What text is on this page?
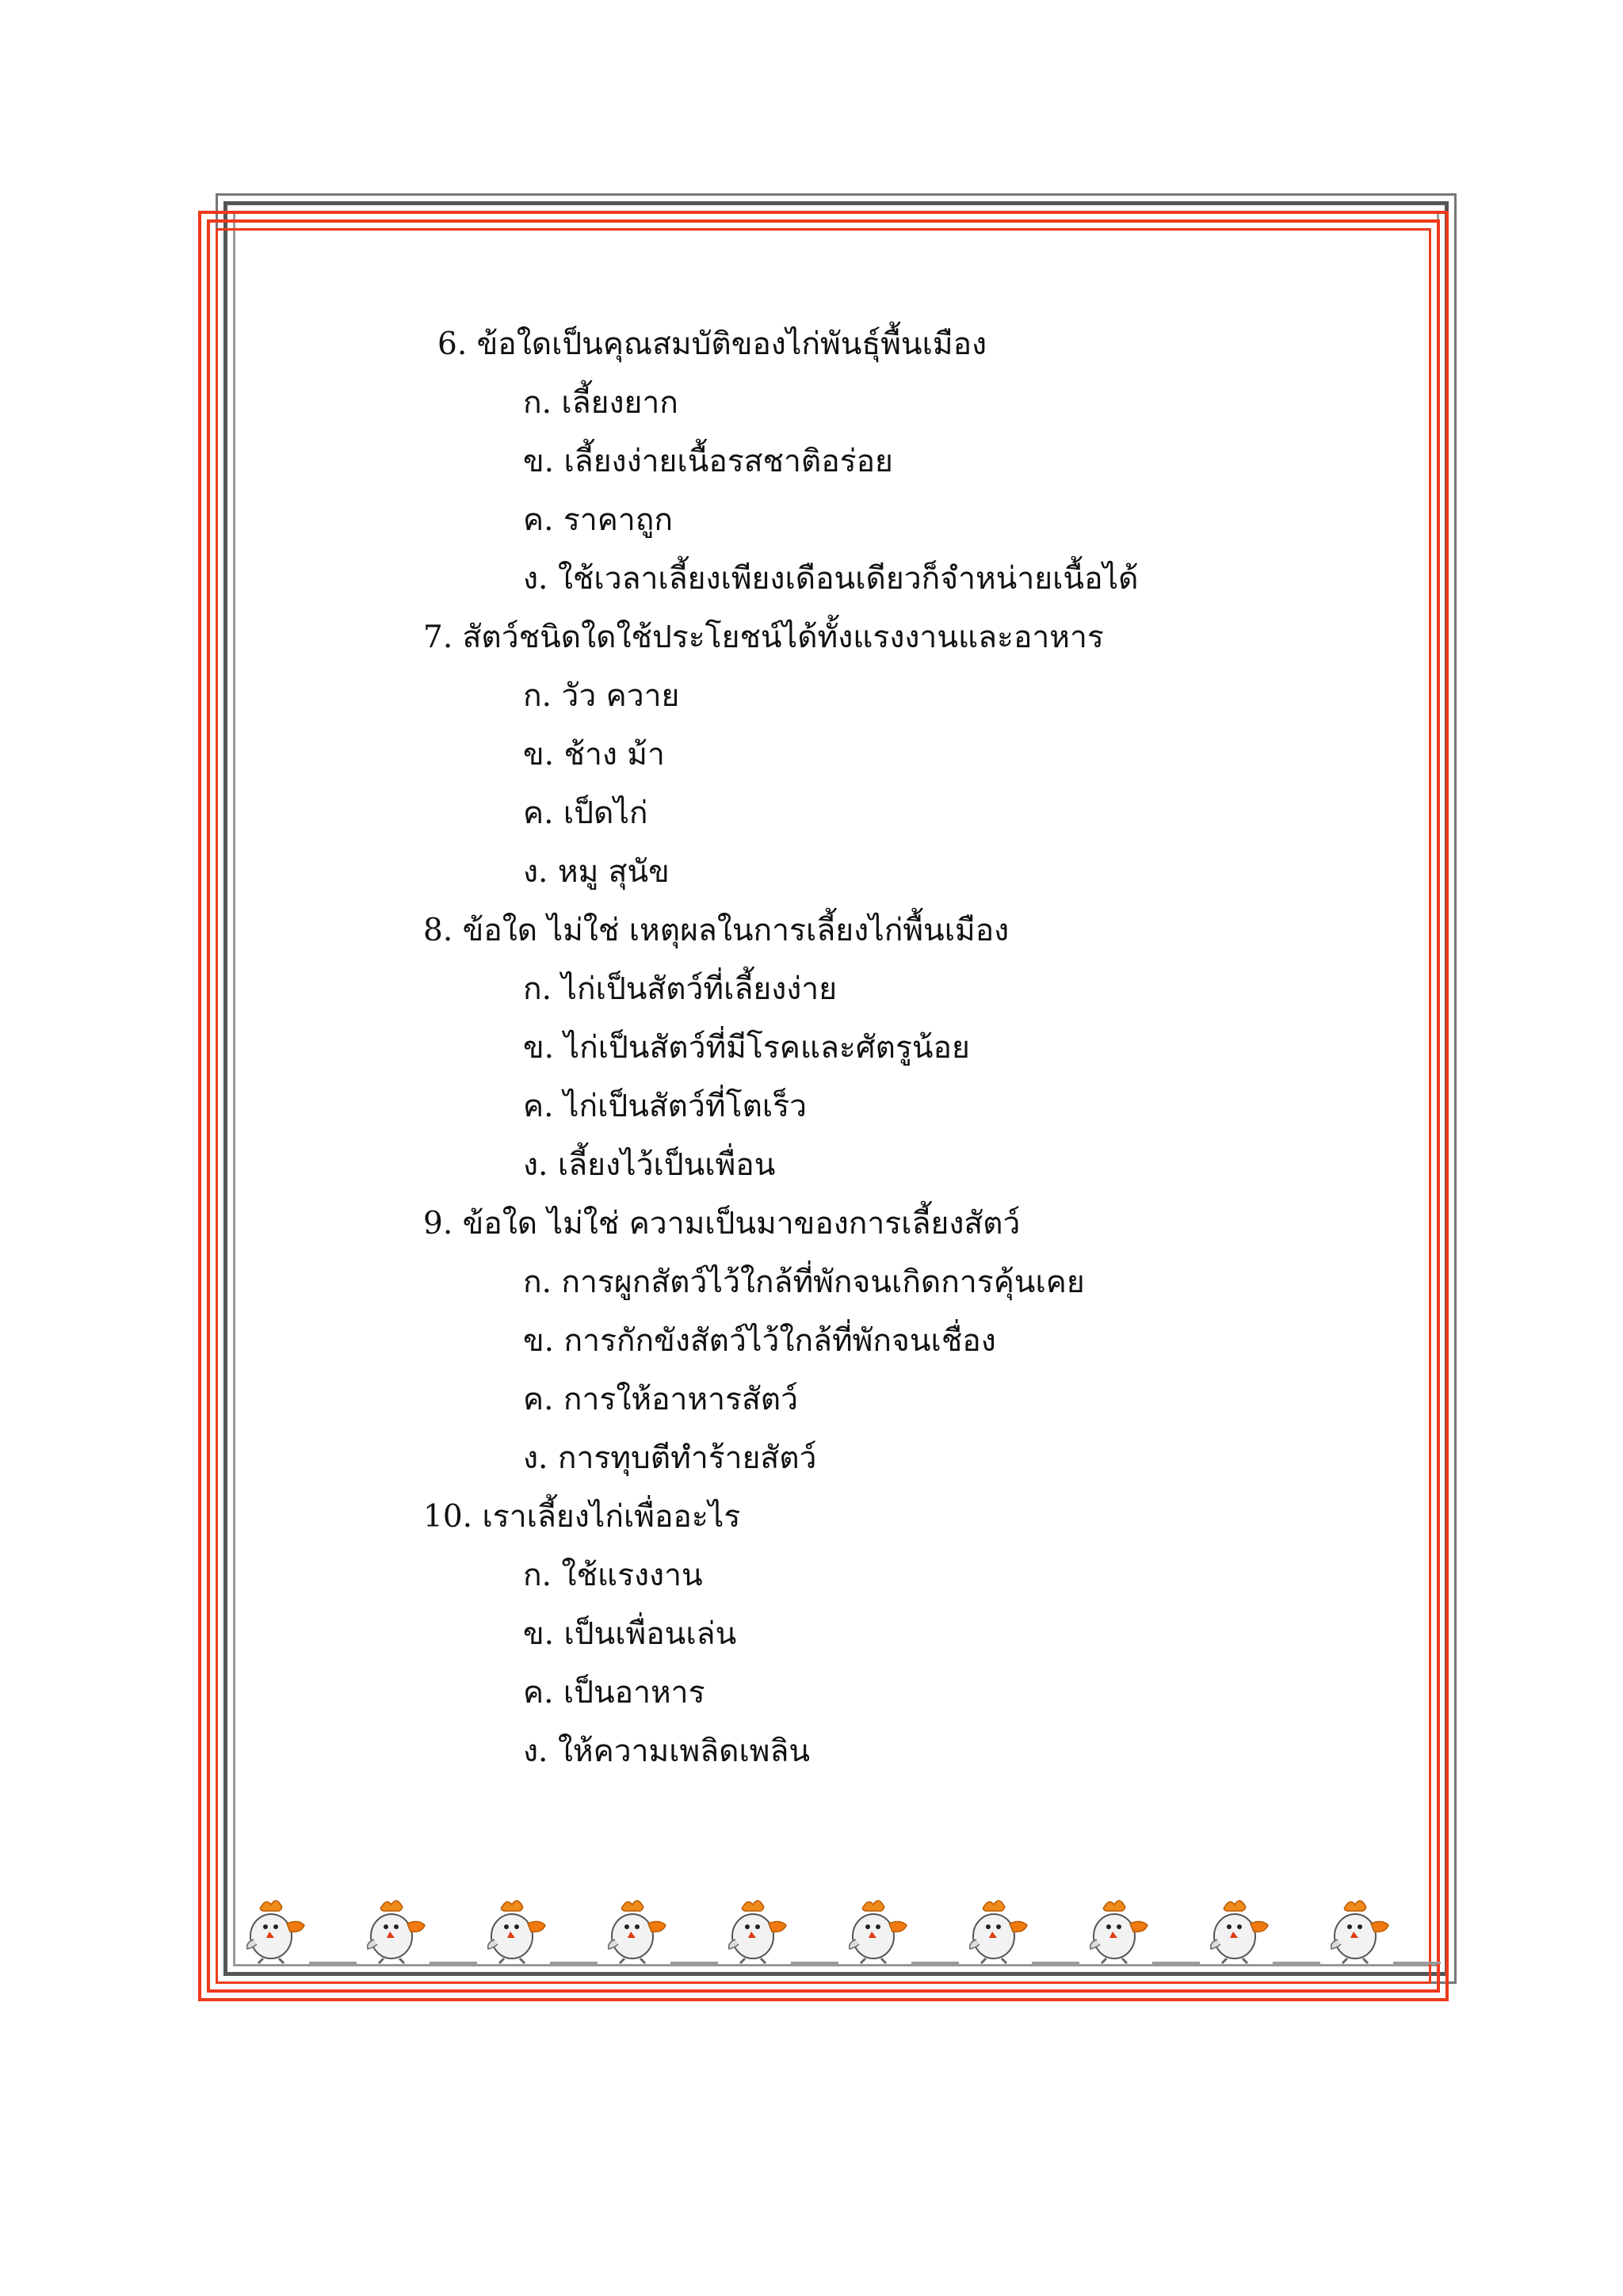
6. ข้อใดเป็นคุณสมบัติของไก่พันธุ์พื้นเมือง
ก. เลี้ยงยาก
ข. เลี้ยงง่ายเนื้อรสชาติอร่อย
ค. ราคาถูก
ง. ใช้เวลาเลี้ยงเพียงเดือนเดียวก็จำหน่ายเนื้อได้
7. สัตว์ชนิดใดใช้ประโยชน์ได้ทั้งแรงงานและอาหาร
ก. วัว ควาย
ข. ช้าง ม้า
ค. เป็ดไก่
ง. หมู สุนัข
8. ข้อใด ไม่ใช่ เหตุผลในการเลี้ยงไก่พื้นเมือง
ก. ไก่เป็นสัตว์ที่เลี้ยงง่าย
ข. ไก่เป็นสัตว์ที่มีโรคและศัตรูน้อย
ค. ไก่เป็นสัตว์ที่โตเร็ว
ง. เลี้ยงไว้เป็นเพื่อน
9. ข้อใด ไม่ใช่ ความเป็นมาของการเลี้ยงสัตว์
ก. การผูกสัตว์ไว้ใกล้ที่พักจนเกิดการคุ้นเคย
ข. การกักขังสัตว์ไว้ใกล้ที่พักจนเชื่อง
ค. การให้อาหารสัตว์
ง. การทุบตีทำร้ายสัตว์
10. เราเลี้ยงไก่เพื่ออะไร
ก. ใช้แรงงาน
ข. เป็นเพื่อนเล่น
ค. เป็นอาหาร
ง. ให้ความเพลิดเพลิน
